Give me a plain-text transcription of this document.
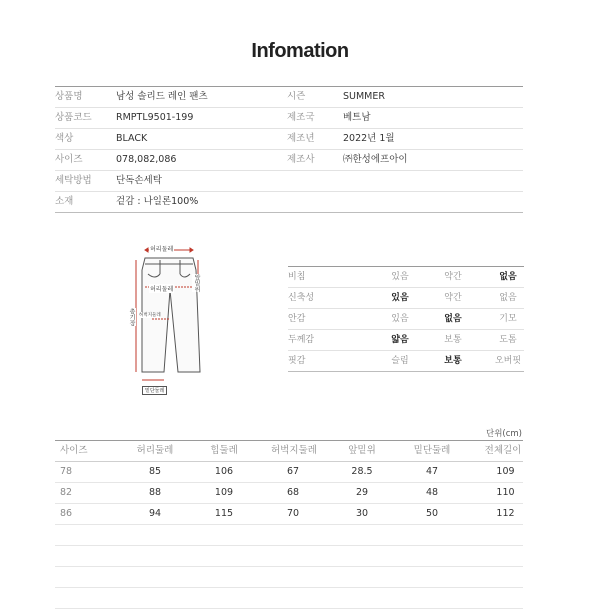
Infomation
상품명	남성 솔리드 레인 팬츠	시즌	SUMMER
상품코드	RMPTL9501-199	제조국	베트남
색상	BLACK	제조년	2022년 1월
사이즈	078,082,086	제조사	㈜한성에프아이
세탁방법	단독손세탁
소재	겉감 : 나일론100%
허리둘레
허리둘레	앞밑위
허벅지둘레
총기장
밑단둘레
비침	있음	약간	없음
신축성	있음	약간	없음
안감	있음	없음	기모
두께감	얇음	보통	도톰
핏감	슬림	보통	오버핏
단위(cm)
사이즈	허리둘레	힙둘레	허벅지둘레	앞밑위	밑단둘레	전체길이
78	85	106	67	28.5	47	109
82	88	109	68	29	48	110
86	94	115	70	30	50	112
